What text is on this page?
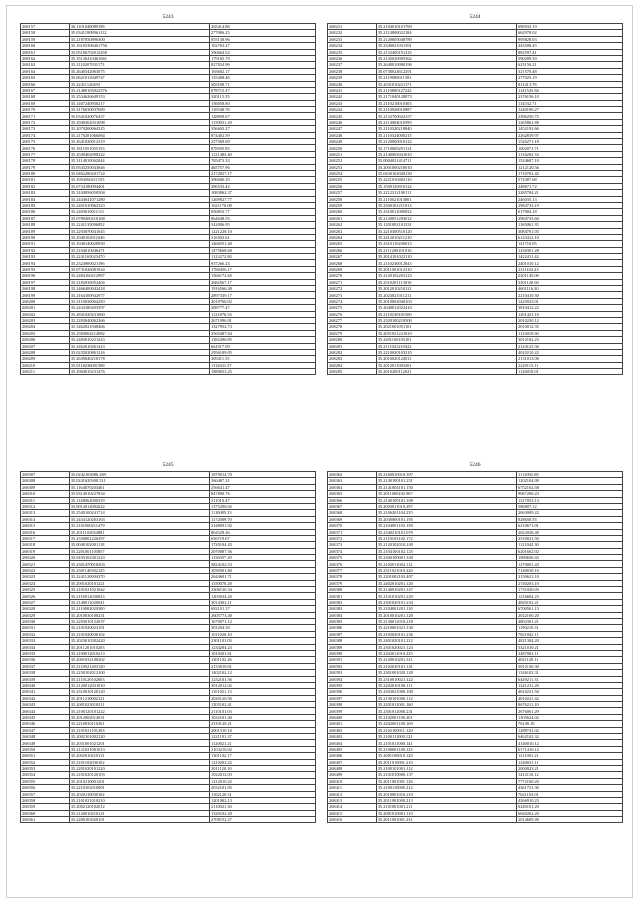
5243
268157	36.1101040089198	265414.86
268158	35.03411808961112	277006.25
268159	35.2187050896300	855138.96
268160	35.16105306461756	102763.27
268161	35.05106702012458	390664.52
268162	35.35136410461661	179165.70
268163	35.2110207031173	827824.96
268164	35.2640542063075	165602.17
268165	35.0621012049747	155408.46
268166	35.22411126493	305168.71
268167	35.21480105022576	878715.47
268168	35.2534626649153	320115.55
268169	35.1407240950217	156058.80
268170	35.3176030037689	110548.78
268171	35.0341020076437	128858.67
268172	35.2940262031098	1150031.29
268173	35.2070200064325	356602.27
268174	35.2170281066084	874402.59
268175	35.2641020012319	257569.69
268176	35.1811051055153	878595.85
268177	35.2940402098222	1121483.40
268178	35.3114810062044	765473.33
268179	35.0543250043846	465757.96
268180	35.0462280201724	2172827.17
268181	35.1054560211155	396606.35
268182	35.0734180094401	286533.42
268183	35.3104956050504	1083862.37
268184	35.2443041071280	1269927.77
268185	35.2401010962323	1621176.08
268186	35.2403010011111	856816.77
268187	35.0789400210168	864648.55
268188	35.2241135096852	542006.95
268189	35.2203070041045	1221228.10
268190	35.2040102011046	316502.61
268191	35.1048140020950	1466551.40
268192	35.2104010046471	1475668.68
268193	35.2241165023470	1123272.80
268194	35.2324900021196	937266.23
268195	35.0731026081924	1780456.17
268196	35.2484160212987	1566172.65
268197	35.2182036052404	2682567.17
268198	35.2466400042418	1916566.38
268199	35.2164100942977	2897339.17
268200	35.3116030064250	2010766.02
268201	35.2434180203597	308777.47
268202	35.2841020231060	1121876.53
268203	35.2283040062266	2671996.91
268204	35.3462021948466	1327952.73
268205	35.2583004214082	2565487.64
268206	35.2483010221423	1382496.85
268207	35.2462010261423	661017.09
268208	35.0235020861216	2956109.05
268209	35.2639040210178	369411.55
268210	35.0118236001588	1112631.37
268211	35.2964010231476	1889653.25
5244
268231	35.2104010101769	696933.19
268232	35.2114800022184	662978.02
268233	35.2120005048789	995828.03
268234	35.2340021031391	443508.45
268235	35.2132400191225	882597.41
268236	35.2145020005362	590209.39
268237	35.2640010080196	623156.21
268238	35.0730024612291	321570.48
268239	35.2119080011581	277025.19
268240	35.2031010221171	811413.78
268241	35.2110800127242	1141525.84
268242	35.2171840120873	2376156.10
268243	35.2110210010303	114532.71
268244	35.2110920010987	1240190.27
268245	35.2132700024157	2396250.75
268246	35.2114004010599	1265861.88
268247	35.2110320218840	1452192.66
268248	35.2110324000215	2262839.97
268249	35.2120000010122	1520271.18
268250	35.1710000201114	1002071.71
268251	35.2140002041010	1134282.33
268252	35.0004021414711	1524687.10
268253	35.2001000210010	1212120.56
268254	35.0430102020130	1710702.42
268255	35.2221010402110	574387.68
268256	35.1500120010122	248671.72
268257	35.2212312100111	3285784.21
268258	35.2110021013001	246035.13
268259	35.2300101211013	2984733.19
268260	35.2310011000032	617004.18
268261	35.2120051203012	2984733.60
268262	35.1201002101331	1165061.35
268263	35.2210300510120	3084701.03
268264	35.2412010211210	6123412.10
268265	35.2310110200013	141710.05
268266	35.2111200101010	1236301.28
268267	35.2014101022110	1422411.42
268268	35.2110230012043	2401010.12
268269	35.2011001012310	2311102.23
268270	35.2120102203123	2201145.06
268271	35.2510201113010	3201120.60
268272	35.2012010210121	4601116.30
268273	35.2023021011211	2210410.50
268274	35.2010002040103	1425025.01
268275	35.2040012022410	3810412.22
268276	35.2110230101500	1201421.10
268277	35.2320100210500	2010230.12
268278	35.2021001051101	2010012.35
268279	35.2051021221010	1123010.60
268280	35.2201100103101	3012102.23
268281	35.2111041210322	2124125.36
268282	35.2210020103210	4010210.22
268283	35.2010020122011	2131013.00
268284	35.2012011003201	2220113.11
268285	35.2010200112021	1126010.01
5245
268307	35.0242103086.269	1879014.70
268308	35.0241620308.511	366467.31
268309	35.1164070203461	256641.47
268310	35.0314010227834	847800.76
268311	35.1148062000319	311010.47
268312	35.0014014002622	1375200.02
268313	35.2540100241714	1110085.33
268314	35.2434120203163	1172009.70
268315	35.2101000211479	2148091.92
268316	35.2011102034881	864528.26
268317	35.2350001220297	656719.07
268318	35.0040102001118	1720104.43
268319	35.2201001103857	2070087.56
268320	35.0103102301223	1156357.29
268321	35.2301470018203	3824102.53
268322	35.2301140302125	3030301.60
268323	35.2241120004370	2644601.71
268324	35.2001020101221	1150070.28
268325	35.2101021021042	2306120.34
268326	35.2116012030023	1203034.20
268327	35.2140011020041	3014302.11
268328	35.2110002020300	692101.37
268329	35.2010030100231	2605773.48
268330	35.2203010122037	1679071.12
268331	35.2101020023101	301204.50
268332	35.2101020030102	1011020.10
268333	35.2023010302420	2301101.03
268334	35.2011201010203	1234204.23
268335	35.2100012010213	1010201.61
268336	35.2001032100202	1201102.26
268337	35.2110021203120	2133010.01
268338	35.2230102012100	1402102.12
268339	35.2110120102003	1232101.56
268340	35.2120012031010	3012012.02
268341	35.2310010120120	1101021.13
268342	35.2011210002121	2020120.50
268343	35.2001023010211	1205102.41
268344	35.2100120101222	2110101.03
268345	35.2012002012031	1032101.40
268346	35.2210030110201	2310120.21
268347	35.2101021101203	2001310.10
268348	35.2002101002120	1221101.37
268349	35.2031001021201	1120021.21
268350	35.2121021001013	2103210.02
268351	35.2002010210121	1301102.17
268352	35.2101102030102	1210203.22
268353	35.2201020101220	2011120.10
268354	35.2101020120103	1022012.03
268355	35.2010210001201	1212010.22
268356	35.2210102010001	2032101.05
268357	35.2020110030102	1102120.31
268358	35.2101021010210	1201002.13
268359	35.2002120102012	2110021.30
268360	35.2120010210121	1320102.20
268361	35.2200103020101	2708152.27
5246
268362	35.2160010010.397	1113092.08
268363	35.2140100101.251	1202104.09
268364	35.2141004101.150	6752162.58
268365	35.2011006102.967	9067206.23
268366	35.2140100101.108	1217053.13
268367	35.2003011010.297	586807.12
268368	35.2106201104.235	2063009.22
268369	35.2030000101.195	828650.55
268370	35.2104001103.158	6210671.01
268371	35.2340210101.079	2022028.40
268372	35.2110103102.172	2510021.50
268373	35.2120102010.249	1121042.30
268374	35.2104100102.125	6201602.02
268375	35.2300100001.330	1980650.43
268376	35.2102011004.112	1270001.43
268377	35.2311021010.220	7140010.10
268378	35.2201002103.407	3150621.10
268379	35.2402010201.120	2740203.10
268380	35.2140010201.147	1731020.03
268381	35.2101010201.220	1216604.23
268382	35.2301020101.234	4820102.21
268383	35.2104001201.110	6700561.13
268384	35.2010010201.120	2022100.20
268385	35.2130012010.218	4802301.21
268386	35.2210001021.130	1190210.31
268387	35.2103020101.236	7821042.11
268388	35.2401020101.212	4821304.20
268389	35.2301020021.123	5321010.21
268390	35.2202011010.225	3487002.11
268391	35.2120010201.311	4021120.11
268392	35.2102020101.141	5012136.30
268393	35.2301001020.128	1326102.31
268394	35.2310010021.122	6449211.31
268395	35.2202010100.111	1241231.20
268396	35.2303021000.100	4610231.50
268397	35.2130101000.112	4010221.42
268398	35.2201011001.160	8676211.10
268399	35.2301012000.231	2676061.29
268400	35.2102001100.201	1305624.02
268401	35.2202001100.169	76149.10
268402	35.2102100011.120	1288741.02
268403	35.2100111000.121	6462102.32
268404	35.2101011000.141	4140010.12
268405	35.2100001100.125	6171410.12
268406	35.2001100010.120	1211001.21
268407	35.2011010001.210	1240031.11
268408	35.2100101001.112	2000023.21
268409	35.2101010000.137	1412110.12
268410	35.2011001001.126	7772160.20
268411	35.2100110000.212	4361731.30
268412	35.2010001010.210	7621163.01
268413	35.2011001000.213	4266910.23
268414	35.2101001001.211	6240101.20
268415	35.2001010001.110	6640262.20
268416	35.2011001001.231	2014609.49
